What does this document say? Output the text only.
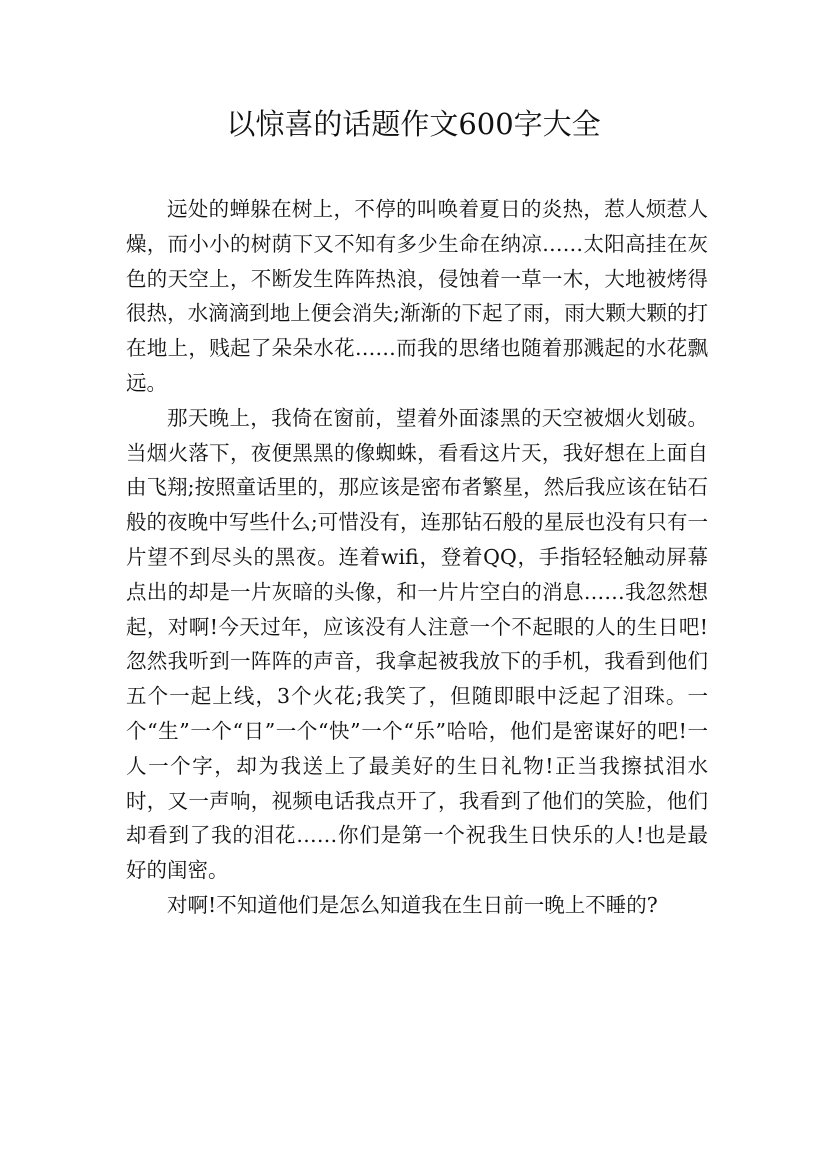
以惊喜的话题作文600字大全

远处的蝉躲在树上，不停的叫唤着夏日的炎热，惹人烦惹人燥，而小小的树荫下又不知有多少生命在纳凉……太阳高挂在灰色的天空上，不断发生阵阵热浪，侵蚀着一草一木，大地被烤得很热，水滴滴到地上便会消失;渐渐的下起了雨，雨大颗大颗的打在地上，贱起了朵朵水花……而我的思绪也随着那溅起的水花飘远。

那天晚上，我倚在窗前，望着外面漆黑的天空被烟火划破。当烟火落下，夜便黑黑的像蜘蛛，看看这片天，我好想在上面自由飞翔;按照童话里的，那应该是密布者繁星，然后我应该在钻石般的夜晚中写些什么;可惜没有，连那钻石般的星辰也没有只有一片望不到尽头的黑夜。连着wifi，登着QQ，手指轻轻触动屏幕点出的却是一片灰暗的头像，和一片片空白的消息……我忽然想起，对啊!今天过年，应该没有人注意一个不起眼的人的生日吧!忽然我听到一阵阵的声音，我拿起被我放下的手机，我看到他们五个一起上线，3个火花;我笑了，但随即眼中泛起了泪珠。一个“生”一个“日”一个“快”一个“乐”哈哈，他们是密谋好的吧!一人一个字，却为我送上了最美好的生日礼物!正当我擦拭泪水时，又一声响，视频电话我点开了，我看到了他们的笑脸，他们却看到了我的泪花……你们是第一个祝我生日快乐的人!也是最好的闺密。

对啊!不知道他们是怎么知道我在生日前一晚上不睡的?
